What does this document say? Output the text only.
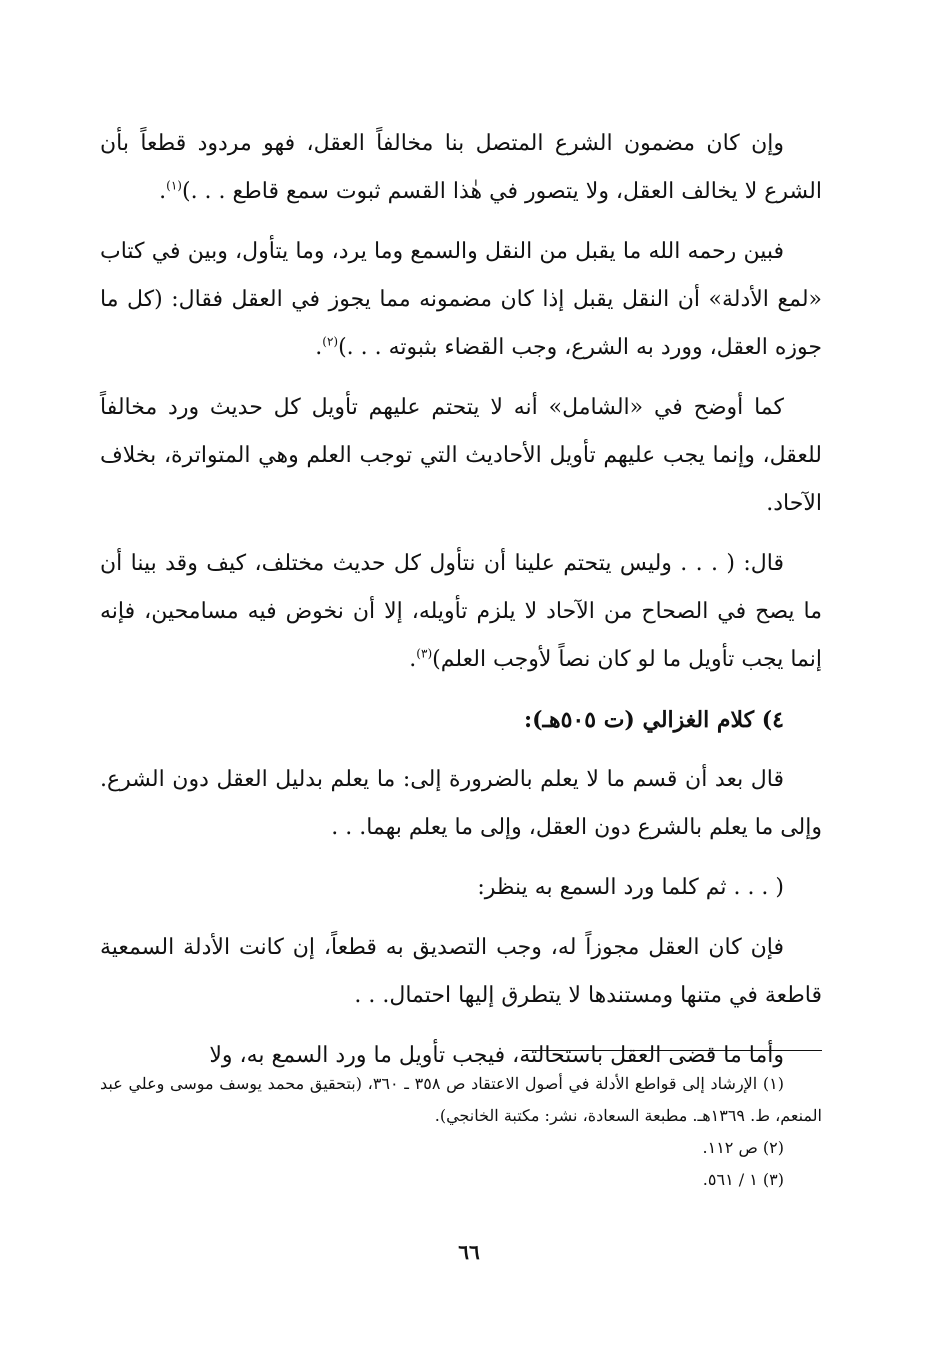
وإن كان مضمون الشرع المتصل بنا مخالفاً العقل، فهو مردود قطعاً بأن الشرع لا يخالف العقل، ولا يتصور في هٰذا القسم ثبوت سمع قاطع . . .)$^{(١)}$.

فبين رحمه الله ما يقبل من النقل والسمع وما يرد، وما يتأول، وبين في كتاب «لمع الأدلة» أن النقل يقبل إذا كان مضمونه مما يجوز في العقل فقال: (كل ما جوزه العقل، وورد به الشرع، وجب القضاء بثبوته . . .)$^{(٢)}$.

كما أوضح في «الشامل» أنه لا يتحتم عليهم تأويل كل حديث ورد مخالفاً للعقل، وإنما يجب عليهم تأويل الأحاديث التي توجب العلم وهي المتواترة، بخلاف الآحاد.

قال: ( . . . وليس يتحتم علينا أن نتأول كل حديث مختلف، كيف وقد بينا أن ما يصح في الصحاح من الآحاد لا يلزم تأويله، إلا أن نخوض فيه مسامحين، فإنه إنما يجب تأويل ما لو كان نصاً لأوجب العلم)$^{(٣)}$.

٤) كلام الغزالي (ت ٥٠٥هـ):

قال بعد أن قسم ما لا يعلم بالضرورة إلى: ما يعلم بدليل العقل دون الشرع. وإلى ما يعلم بالشرع دون العقل، وإلى ما يعلم بهما. . .

( . . . ثم كلما ورد السمع به ينظر:

فإن كان العقل مجوزاً له، وجب التصديق به قطعاً، إن كانت الأدلة السمعية قاطعة في متنها ومستندها لا يتطرق إليها احتمال. . .

وأما ما قضى العقل باستحالته، فيجب تأويل ما ورد السمع به، ولا

(١) الإرشاد إلى قواطع الأدلة في أصول الاعتقاد ص ٣٥٨ ـ ٣٦٠، (بتحقيق محمد يوسف موسى وعلي عبد المنعم، ط. ١٣٦٩هـ. مطبعة السعادة، نشر: مكتبة الخانجي).

(٢) ص ١١٢.

(٣) ١ / ٥٦١.

٦٦
